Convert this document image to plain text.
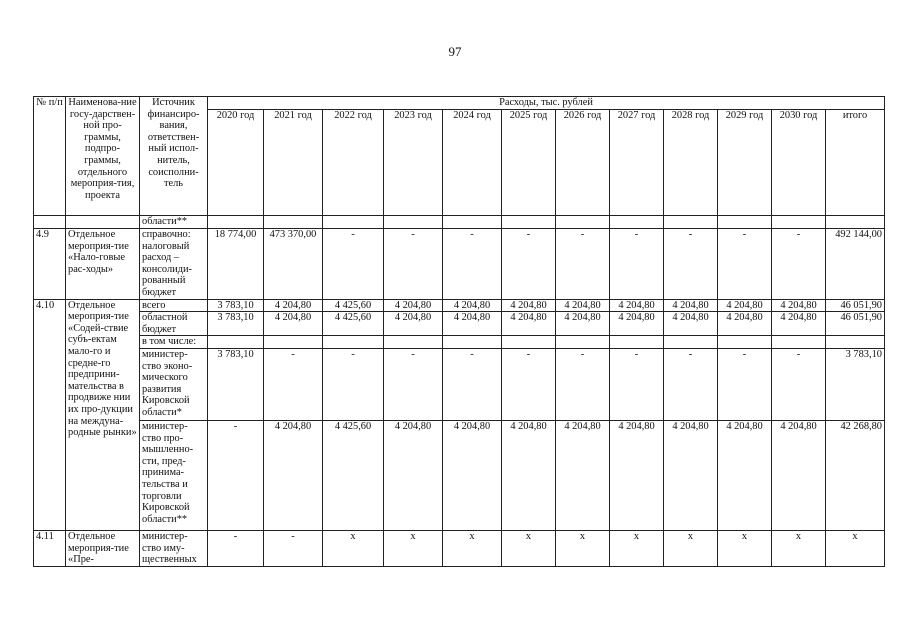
97
№ п/п	Наименова-ние госу-дарствен-ной про-граммы, подпро-граммы, отдельного мероприя-тия, проекта	Источник финансиро-вания, ответствен-ный испол-нитель, соисполни-тель	Расходы, тыс. рублей											
			2020 год	2021 год	2022 год	2023 год	2024 год	2025 год	2026 год	2027 год	2028 год	2029 год	2030 год	итого
		области**												
4.9	Отдельное мероприя-тие «Нало-говые рас-ходы»	справочно: налоговый расход – консолиди-рованный бюджет	18 774,00	473 370,00	-	-	-	-	-	-	-	-	-	492 144,00
4.10	Отдельное мероприя-тие «Содей-ствие субъ-ектам мало-го и средне-го предприни-мательства в продвиже нии их про-дукции на междуна-родные рынки»	всего	3 783,10	4 204,80	4 425,60	4 204,80	4 204,80	4 204,80	4 204,80	4 204,80	4 204,80	4 204,80	4 204,80	46 051,90
		областной бюджет	3 783,10	4 204,80	4 425,60	4 204,80	4 204,80	4 204,80	4 204,80	4 204,80	4 204,80	4 204,80	4 204,80	46 051,90
		в том числе:												
		министер-ство эконо-мического развития Кировской области*	3 783,10	-	-	-	-	-	-	-	-	-	-	3 783,10
		министер-ство про-мышленно-сти, пред-принима-тельства и торговли Кировской области**	-	4 204,80	4 425,60	4 204,80	4 204,80	4 204,80	4 204,80	4 204,80	4 204,80	4 204,80	4 204,80	42 268,80
4.11	Отдельное мероприя-тие «Пре-	министер-ство иму-щественных	-	-	x	x	x	x	x	x	x	x	x	x
